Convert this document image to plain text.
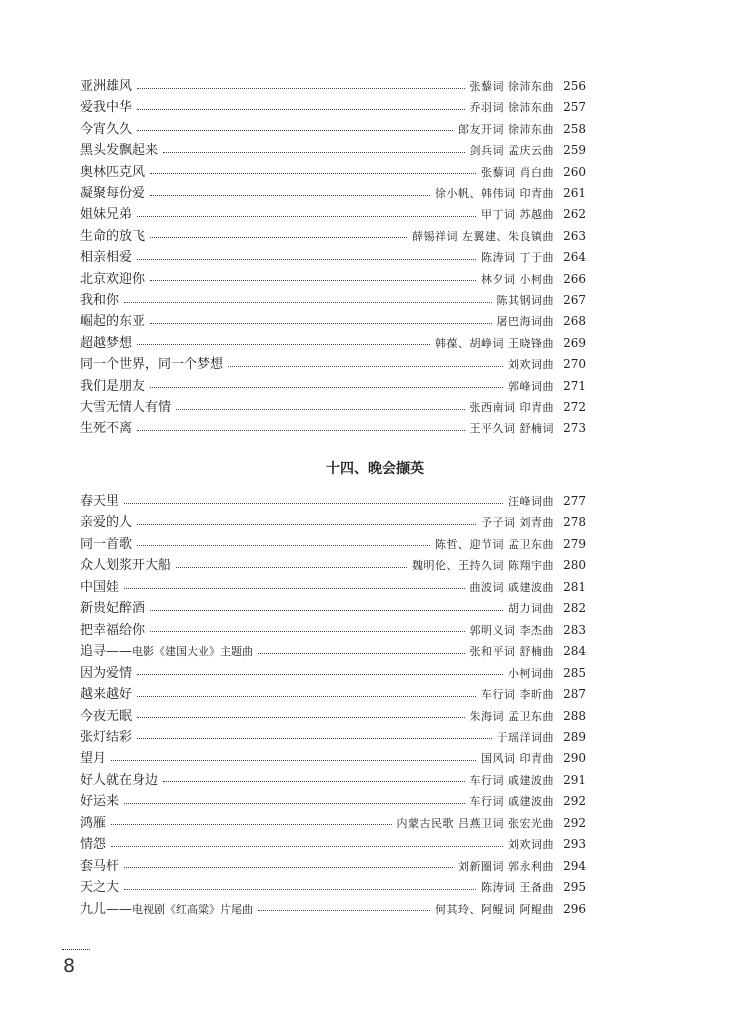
亚洲雄风	张藜词 徐沛东曲 256
爱我中华	乔羽词 徐沛东曲 257
今宵久久	郎友开词 徐沛东曲 258
黑头发飘起来	剑兵词 孟庆云曲 259
奥林匹克风	张藜词 肖白曲 260
凝聚每份爱	徐小帆、韩伟词 印青曲 261
姐妹兄弟	甲丁词 苏越曲 262
生命的放飞	薛锡祥词 左翼建、朱良镇曲 263
相亲相爱	陈涛词 丁于曲 264
北京欢迎你	林夕词 小柯曲 266
我和你	陈其钢词曲 267
崛起的东亚	屠巴海词曲 268
超越梦想	韩葆、胡峥词 王晓锋曲 269
同一个世界，同一个梦想	刘欢词曲 270
我们是朋友	郭峰词曲 271
大雪无情人有情	张西南词 印青曲 272
生死不离	王平久词 舒楠词 273
十四、晚会撷英
春天里	汪峰词曲 277
亲爱的人	予子词 刘青曲 278
同一首歌	陈哲、迎节词 孟卫东曲 279
众人划浆开大船	魏明伦、王持久词 陈翔宇曲 280
中国娃	曲波词 戚建波曲 281
新贵妃醉酒	胡力词曲 282
把幸福给你	郭明义词 李杰曲 283
追寻——电影《建国大业》主题曲	张和平词 舒楠曲 284
因为爱情	小柯词曲 285
越来越好	车行词 李昕曲 287
今夜无眠	朱海词 孟卫东曲 288
张灯结彩	于瑶洋词曲 289
望月	国风词 印青曲 290
好人就在身边	车行词 戚建波曲 291
好运来	车行词 戚建波曲 292
鸿雁	内蒙古民歌 吕燕卫词 张宏光曲 292
情怨	刘欢词曲 293
套马杆	刘新圈词 郭永利曲 294
天之大	陈涛词 王备曲 295
九儿——电视剧《红高粱》片尾曲	何其玲、阿鲲词 阿鲲曲 296
8
